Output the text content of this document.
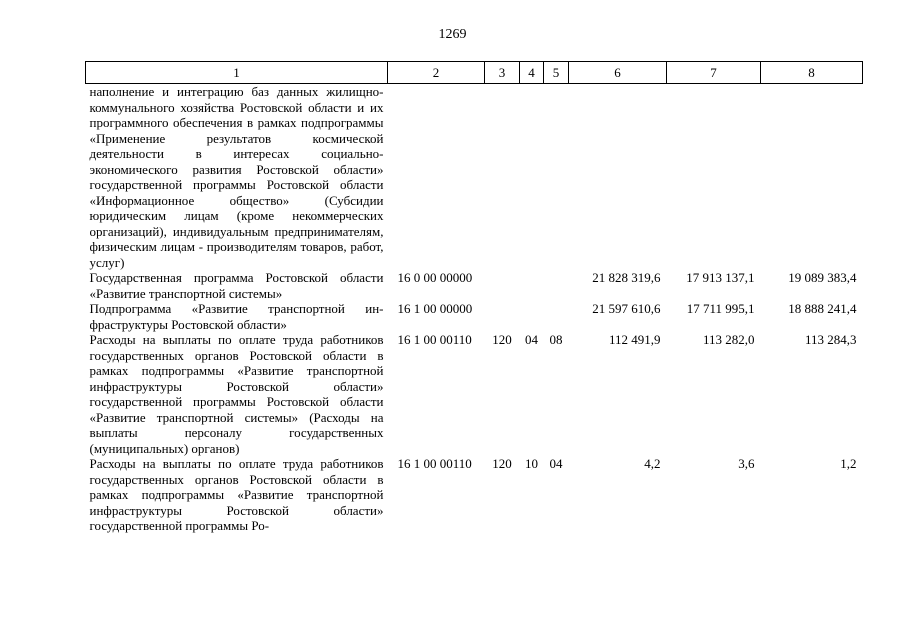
1269
1	2	3	4	5	6	7	8
наполнение и интеграцию баз данных жилищно-коммунального хозяйства Ростовской области и их программного обеспечения в рамках подпрограммы «Применение результатов космической деятельности в интересах социально-экономического развития Ростовской области» государственной программы Ростовской области «Информационное общество» (Субсидии юридическим лицам (кроме некоммерческих организаций), индивидуальным предпринимателям, физическим лицам - производителям товаров, работ, услуг)							
Государственная программа Ростовской области «Развитие транспортной системы»	16 0 00 00000				21 828 319,6	17 913 137,1	19 089 383,4
Подпрограмма «Развитие транспортной инфраструктуры Ростовской области»	16 1 00 00000				21 597 610,6	17 711 995,1	18 888 241,4
Расходы на выплаты по оплате труда работников государственных органов Ростовской области в рамках подпрограммы «Развитие транспортной инфраструктуры Ростовской области» государственной программы Ростовской области «Развитие транспортной системы» (Расходы на выплаты персоналу государственных (муниципальных) органов)	16 1 00 00110	120	04	08	112 491,9	113 282,0	113 284,3
Расходы на выплаты по оплате труда работников государственных органов Ростовской области в рамках подпрограммы «Развитие транспортной инфраструктуры Ростовской области» государственной программы Ро-	16 1 00 00110	120	10	04	4,2	3,6	1,2
